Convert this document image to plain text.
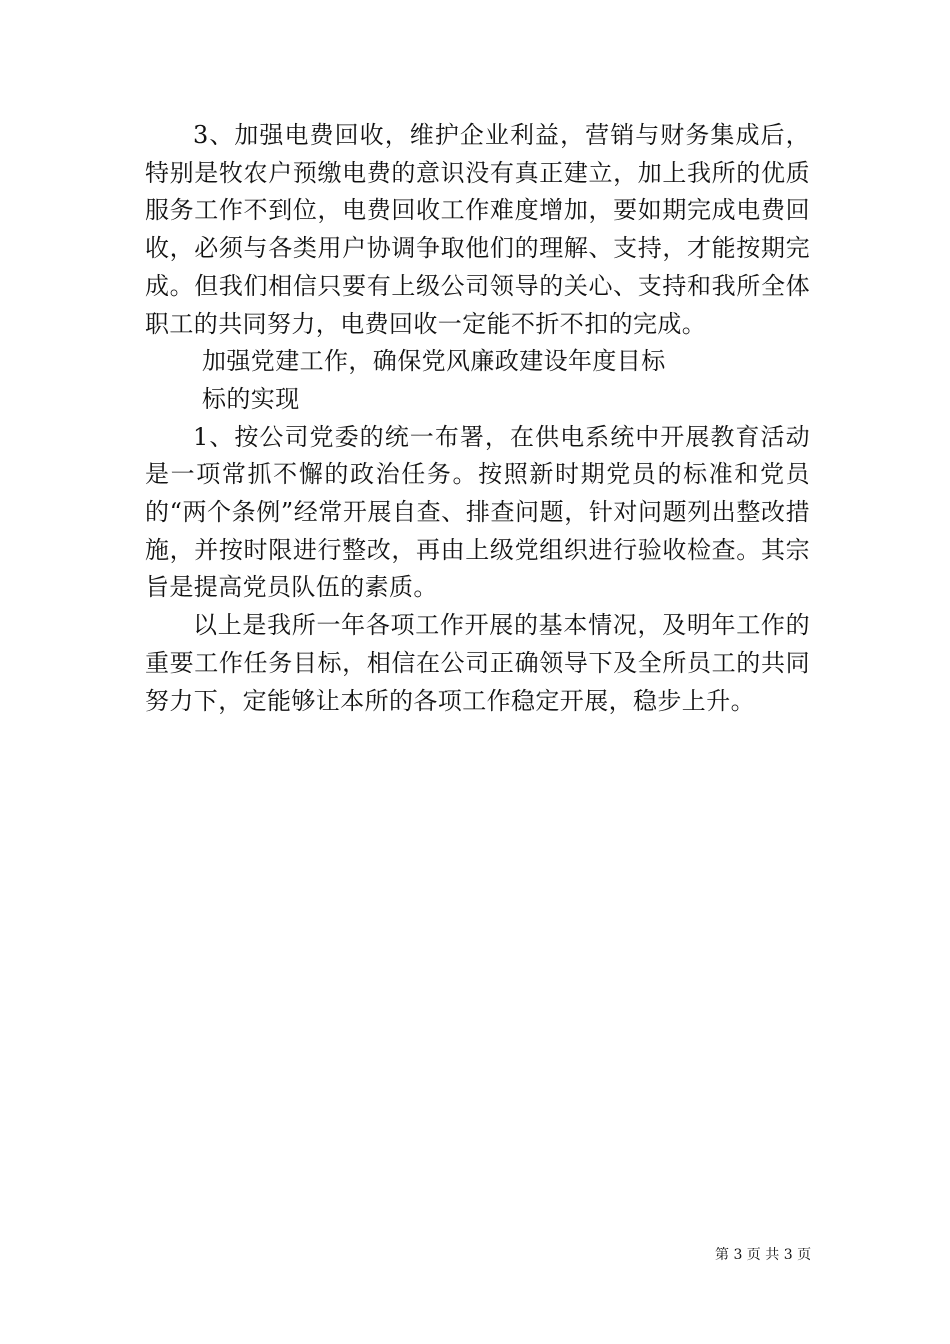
3、加强电费回收，维护企业利益，营销与财务集成后，特别是牧农户预缴电费的意识没有真正建立，加上我所的优质服务工作不到位，电费回收工作难度增加，要如期完成电费回收，必须与各类用户协调争取他们的理解、支持，才能按期完成。但我们相信只要有上级公司领导的关心、支持和我所全体职工的共同努力，电费回收一定能不折不扣的完成。

加强党建工作，确保党风廉政建设年度目标

标的实现

1、按公司党委的统一布署，在供电系统中开展教育活动是一项常抓不懈的政治任务。按照新时期党员的标准和党员的“两个条例”经常开展自查、排查问题，针对问题列出整改措施，并按时限进行整改，再由上级党组织进行验收检查。其宗旨是提高党员队伍的素质。

以上是我所一年各项工作开展的基本情况，及明年工作的重要工作任务目标，相信在公司正确领导下及全所员工的共同努力下，定能够让本所的各项工作稳定开展，稳步上升。

第 3 页 共 3 页
